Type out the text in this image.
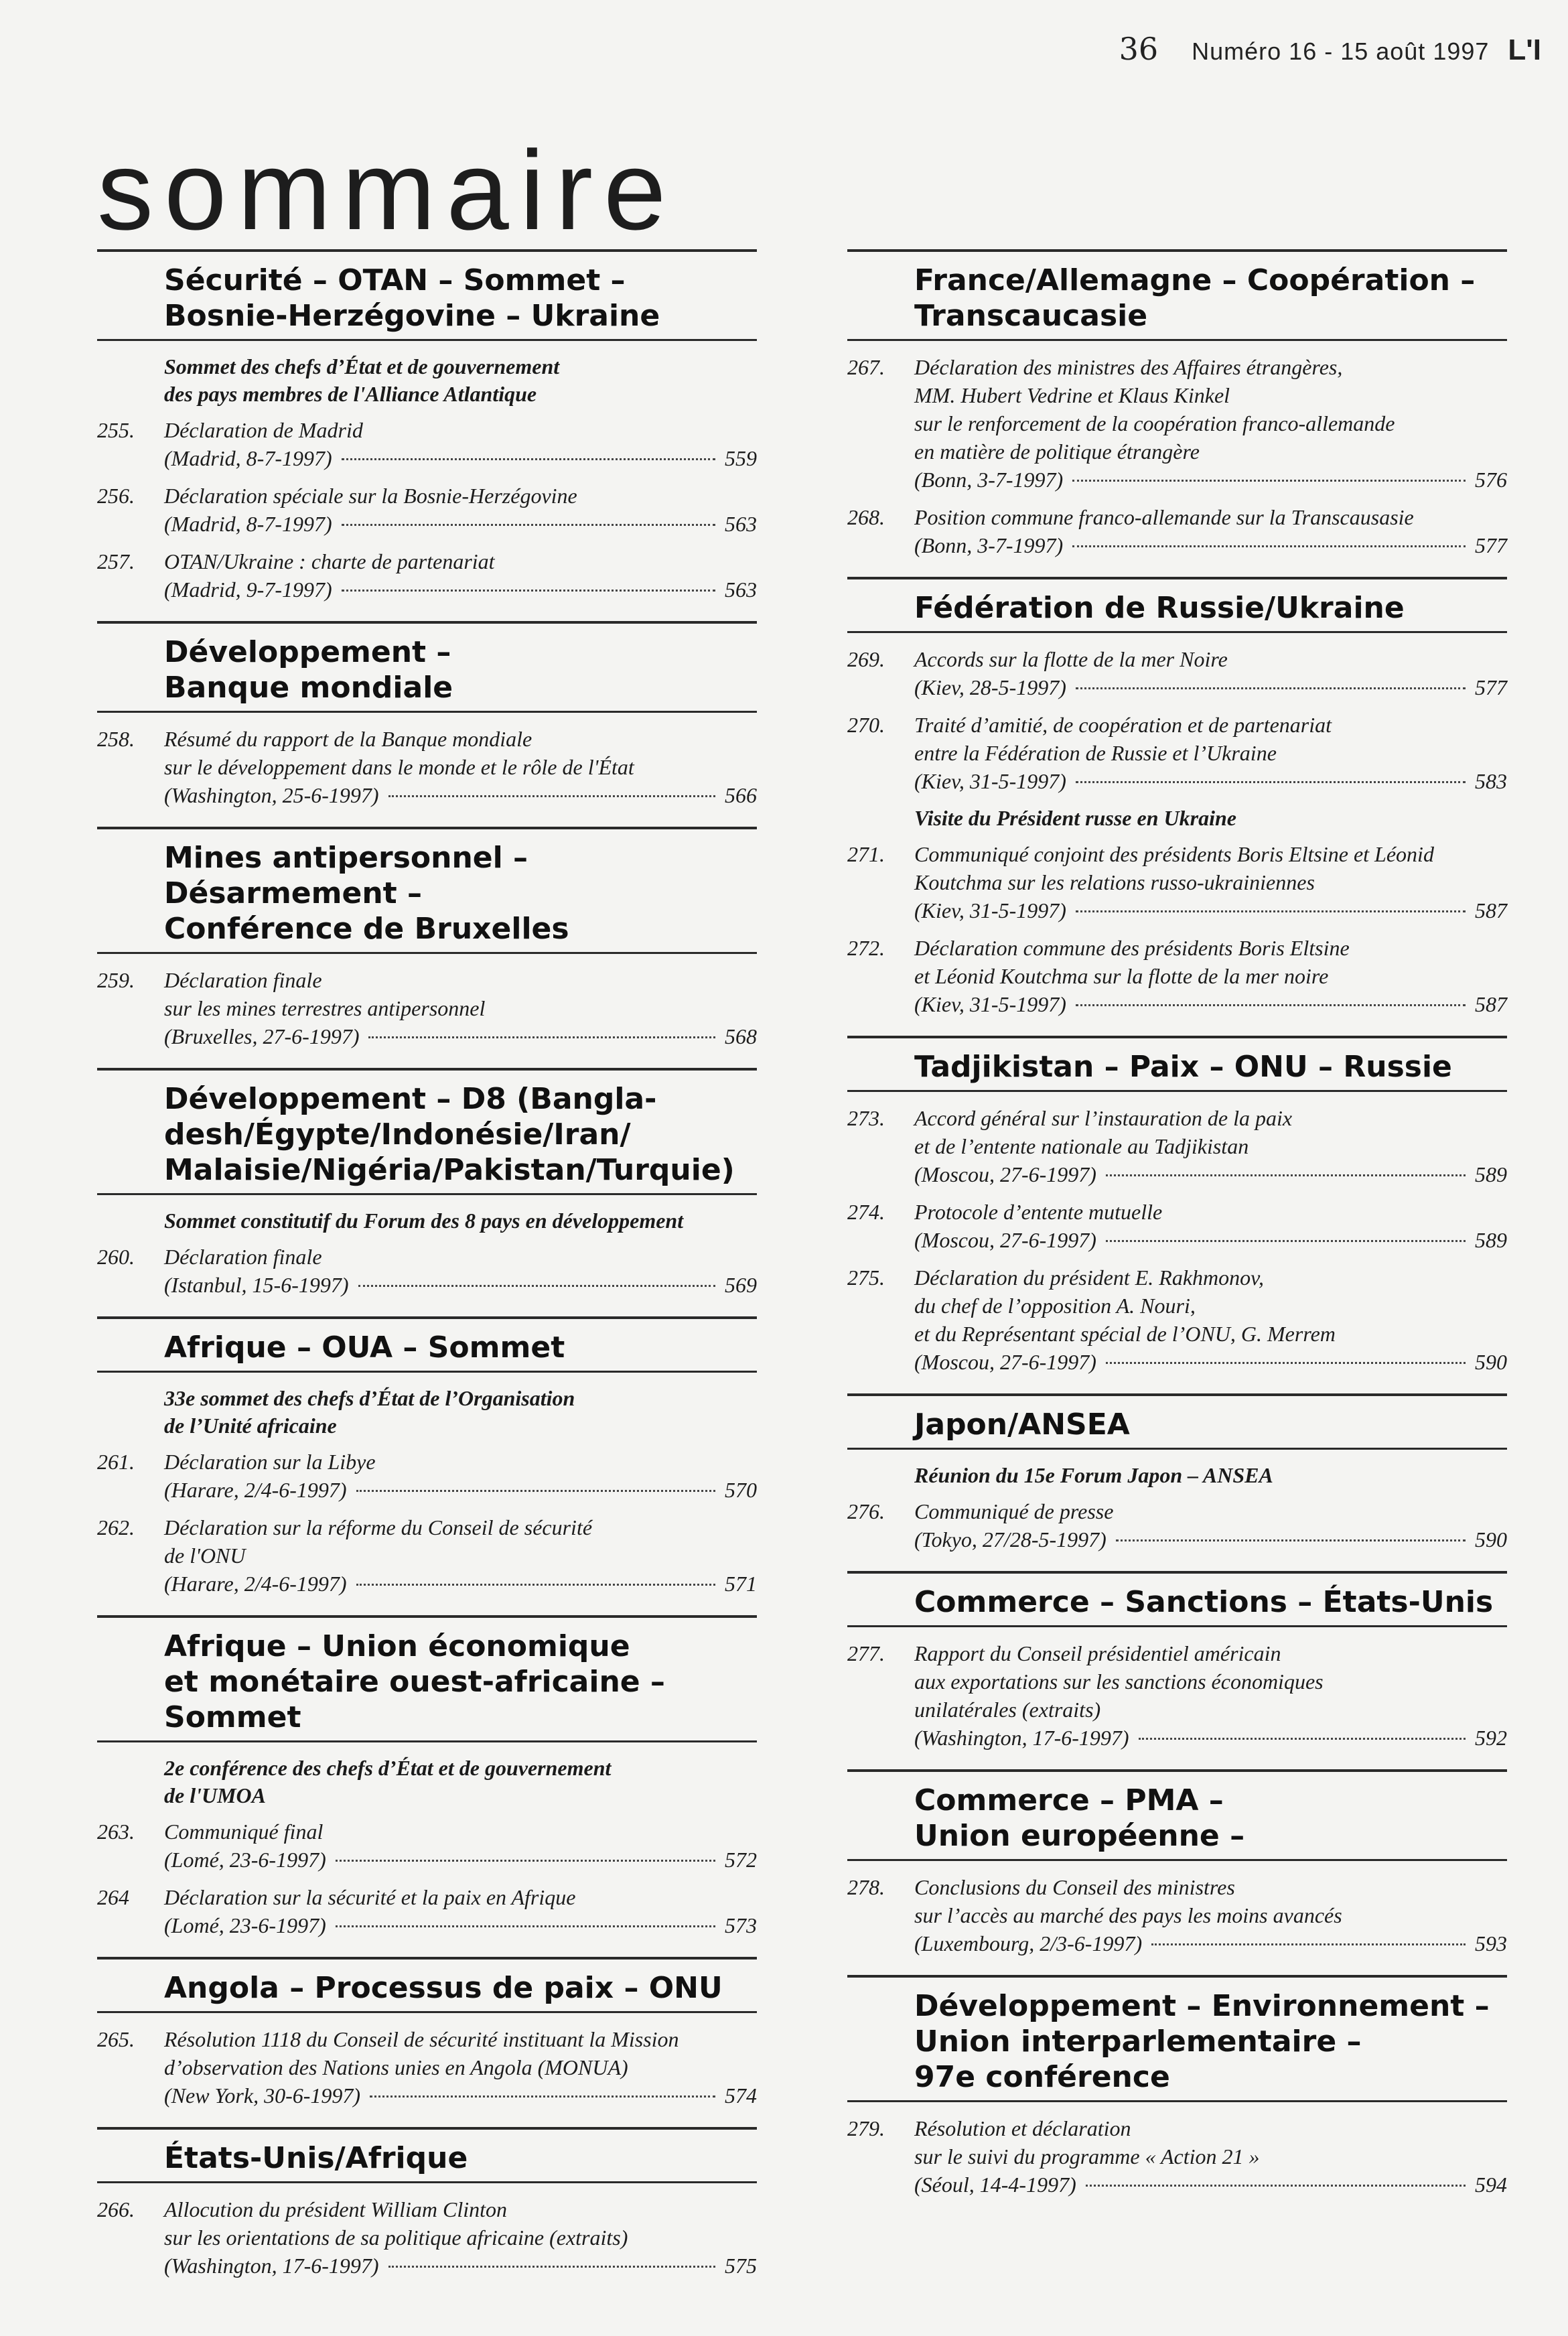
36 Numéro 16 - 15 août 1997 L'I
sommaire
Sécurité – OTAN – Sommet –
Bosnie-Herzégovine – Ukraine
Sommet des chefs d’État et de gouvernement
des pays membres de l'Alliance Atlantique
255.	Déclaration de Madrid
(Madrid, 8-7-1997)	559
256.	Déclaration spéciale sur la Bosnie-Herzégovine
(Madrid, 8-7-1997)	563
257.	OTAN/Ukraine : charte de partenariat
(Madrid, 9-7-1997)	563
Développement –
Banque mondiale
258.	Résumé du rapport de la Banque mondiale
sur le développement dans le monde et le rôle de l'État
(Washington, 25-6-1997)	566
Mines antipersonnel –
Désarmement –
Conférence de Bruxelles
259.	Déclaration finale
sur les mines terrestres antipersonnel
(Bruxelles, 27-6-1997)	568
Développement – D8 (Bangla-
desh/Égypte/Indonésie/Iran/
Malaisie/Nigéria/Pakistan/Turquie)
Sommet constitutif du Forum des 8 pays en développement
260.	Déclaration finale
(Istanbul, 15-6-1997)	569
Afrique – OUA – Sommet
33e sommet des chefs d’État de l’Organisation
de l’Unité africaine
261.	Déclaration sur la Libye
(Harare, 2/4-6-1997)	570
262.	Déclaration sur la réforme du Conseil de sécurité
de l'ONU
(Harare, 2/4-6-1997)	571
Afrique – Union économique
et monétaire ouest-africaine –
Sommet
2e conférence des chefs d’État et de gouvernement
de l'UMOA
263.	Communiqué final
(Lomé, 23-6-1997)	572
264	Déclaration sur la sécurité et la paix en Afrique
(Lomé, 23-6-1997)	573
Angola – Processus de paix – ONU
265.	Résolution 1118 du Conseil de sécurité instituant la Mission
d’observation des Nations unies en Angola (MONUA)
(New York, 30-6-1997)	574
États-Unis/Afrique
266.	Allocution du président William Clinton
sur les orientations de sa politique africaine (extraits)
(Washington, 17-6-1997)	575
France/Allemagne – Coopération –
Transcaucasie
267.	Déclaration des ministres des Affaires étrangères,
MM. Hubert Vedrine et Klaus Kinkel
sur le renforcement de la coopération franco-allemande
en matière de politique étrangère
(Bonn, 3-7-1997)	576
268.	Position commune franco-allemande sur la Transcausasie
(Bonn, 3-7-1997)	577
Fédération de Russie/Ukraine
269.	Accords sur la flotte de la mer Noire
(Kiev, 28-5-1997)	577
270.	Traité d’amitié, de coopération et de partenariat
entre la Fédération de Russie et l’Ukraine
(Kiev, 31-5-1997)	583
Visite du Président russe en Ukraine
271.	Communiqué conjoint des présidents Boris Eltsine et Léonid
Koutchma sur les relations russo-ukrainiennes
(Kiev, 31-5-1997)	587
272.	Déclaration commune des présidents Boris Eltsine
et Léonid Koutchma sur la flotte de la mer noire
(Kiev, 31-5-1997)	587
Tadjikistan – Paix – ONU – Russie
273.	Accord général sur l’instauration de la paix
et de l’entente nationale au Tadjikistan
(Moscou, 27-6-1997)	589
274.	Protocole d’entente mutuelle
(Moscou, 27-6-1997)	589
275.	Déclaration du président E. Rakhmonov,
du chef de l’opposition A. Nouri,
et du Représentant spécial de l’ONU, G. Merrem
(Moscou, 27-6-1997)	590
Japon/ANSEA
Réunion du 15e Forum Japon – ANSEA
276.	Communiqué de presse
(Tokyo, 27/28-5-1997)	590
Commerce – Sanctions – États-Unis
277.	Rapport du Conseil présidentiel américain
aux exportations sur les sanctions économiques
unilatérales (extraits)
(Washington, 17-6-1997)	592
Commerce – PMA –
Union européenne –
278.	Conclusions du Conseil des ministres
sur l’accès au marché des pays les moins avancés
(Luxembourg, 2/3-6-1997)	593
Développement – Environnement –
Union interparlementaire –
97e conférence
279.	Résolution et déclaration
sur le suivi du programme « Action 21 »
(Séoul, 14-4-1997)	594
